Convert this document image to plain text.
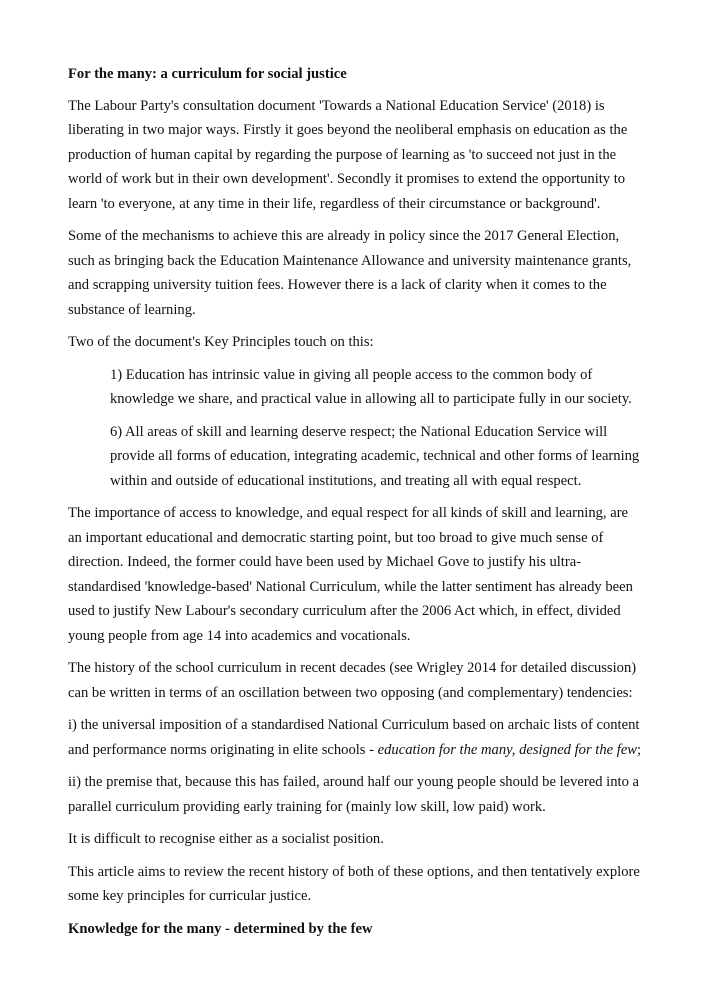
For the many: a curriculum for social justice

The Labour Party's consultation document 'Towards a National Education Service' (2018) is liberating in two major ways. Firstly it goes beyond the neoliberal emphasis on education as the production of human capital by regarding the purpose of learning as 'to succeed not just in the world of work but in their own development'. Secondly it promises to extend the opportunity to learn 'to everyone, at any time in their life, regardless of their circumstance or background'.

Some of the mechanisms to achieve this are already in policy since the 2017 General Election, such as bringing back the Education Maintenance Allowance and university maintenance grants, and scrapping university tuition fees. However there is a lack of clarity when it comes to the substance of learning.

Two of the document's Key Principles touch on this:

1) Education has intrinsic value in giving all people access to the common body of knowledge we share, and practical value in allowing all to participate fully in our society.

6) All areas of skill and learning deserve respect; the National Education Service will provide all forms of education, integrating academic, technical and other forms of learning within and outside of educational institutions, and treating all with equal respect.

The importance of access to knowledge, and equal respect for all kinds of skill and learning, are an important educational and democratic starting point, but too broad to give much sense of direction. Indeed, the former could have been used by Michael Gove to justify his ultra-standardised 'knowledge-based' National Curriculum, while the latter sentiment has already been used to justify New Labour's secondary curriculum after the 2006 Act which, in effect, divided young people from age 14 into academics and vocationals.

The history of the school curriculum in recent decades (see Wrigley 2014 for detailed discussion) can be written in terms of an oscillation between two opposing (and complementary) tendencies:

i) the universal imposition of a standardised National Curriculum based on archaic lists of content and performance norms originating in elite schools - education for the many, designed for the few;

ii) the premise that, because this has failed, around half our young people should be levered into a parallel curriculum providing early training for (mainly low skill, low paid) work.

It is difficult to recognise either as a socialist position.

This article aims to review the recent history of both of these options, and then tentatively explore some key principles for curricular justice.

Knowledge for the many - determined by the few
